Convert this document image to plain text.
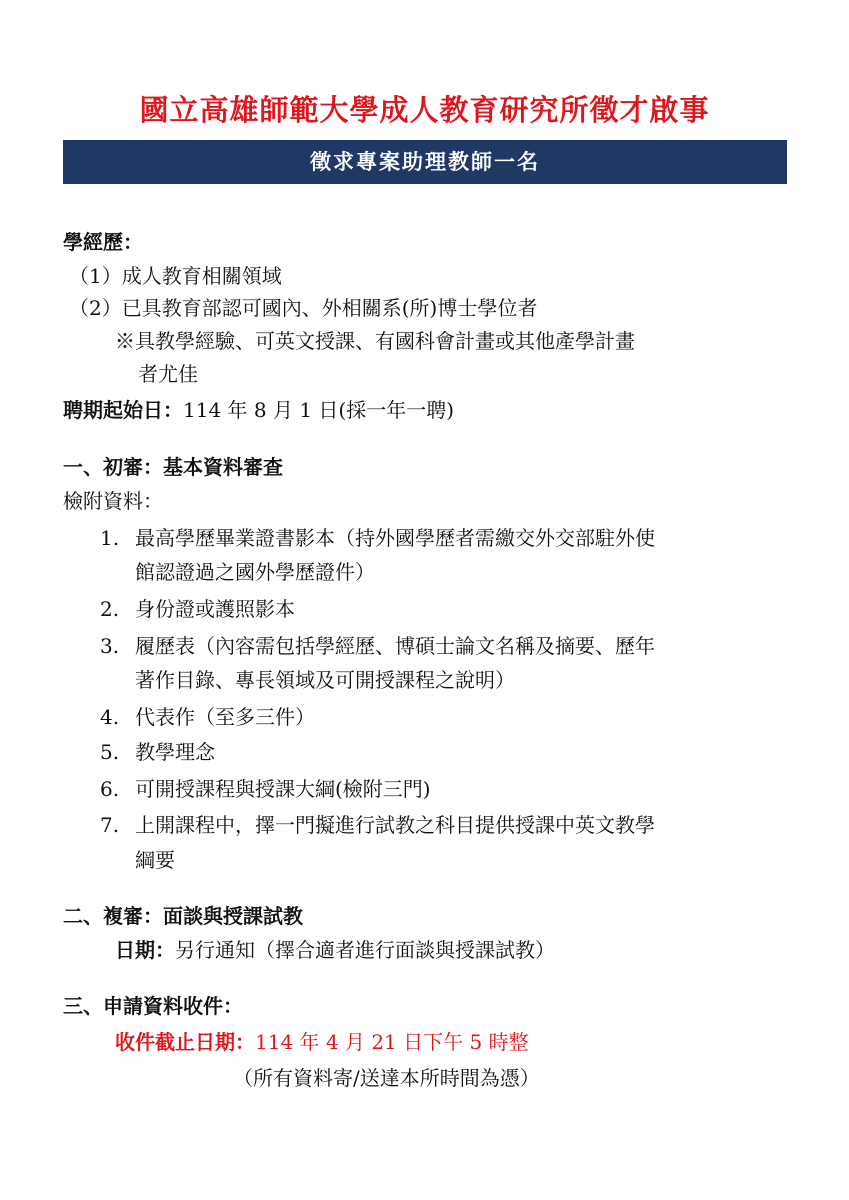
國立高雄師範大學成人教育研究所徵才啟事
徵求專案助理教師一名
學經歷：
（1）成人教育相關領域
（2）已具教育部認可國內、外相關系(所)博士學位者
※具教學經驗、可英文授課、有國科會計畫或其他產學計畫
者尤佳
聘期起始日：114 年 8 月 1 日(採一年一聘)
一、初審：基本資料審查
檢附資料：
1. 最高學歷畢業證書影本（持外國學歷者需繳交外交部駐外使
館認證過之國外學歷證件）
2. 身份證或護照影本
3. 履歷表（內容需包括學經歷、博碩士論文名稱及摘要、歷年
著作目錄、專長領域及可開授課程之說明）
4. 代表作（至多三件）
5. 教學理念
6. 可開授課程與授課大綱(檢附三門)
7. 上開課程中，擇一門擬進行試教之科目提供授課中英文教學
綱要
二、複審：面談與授課試教
日期：另行通知（擇合適者進行面談與授課試教）
三、申請資料收件：
收件截止日期：114 年 4 月 21 日下午 5 時整
（所有資料寄/送達本所時間為憑）
